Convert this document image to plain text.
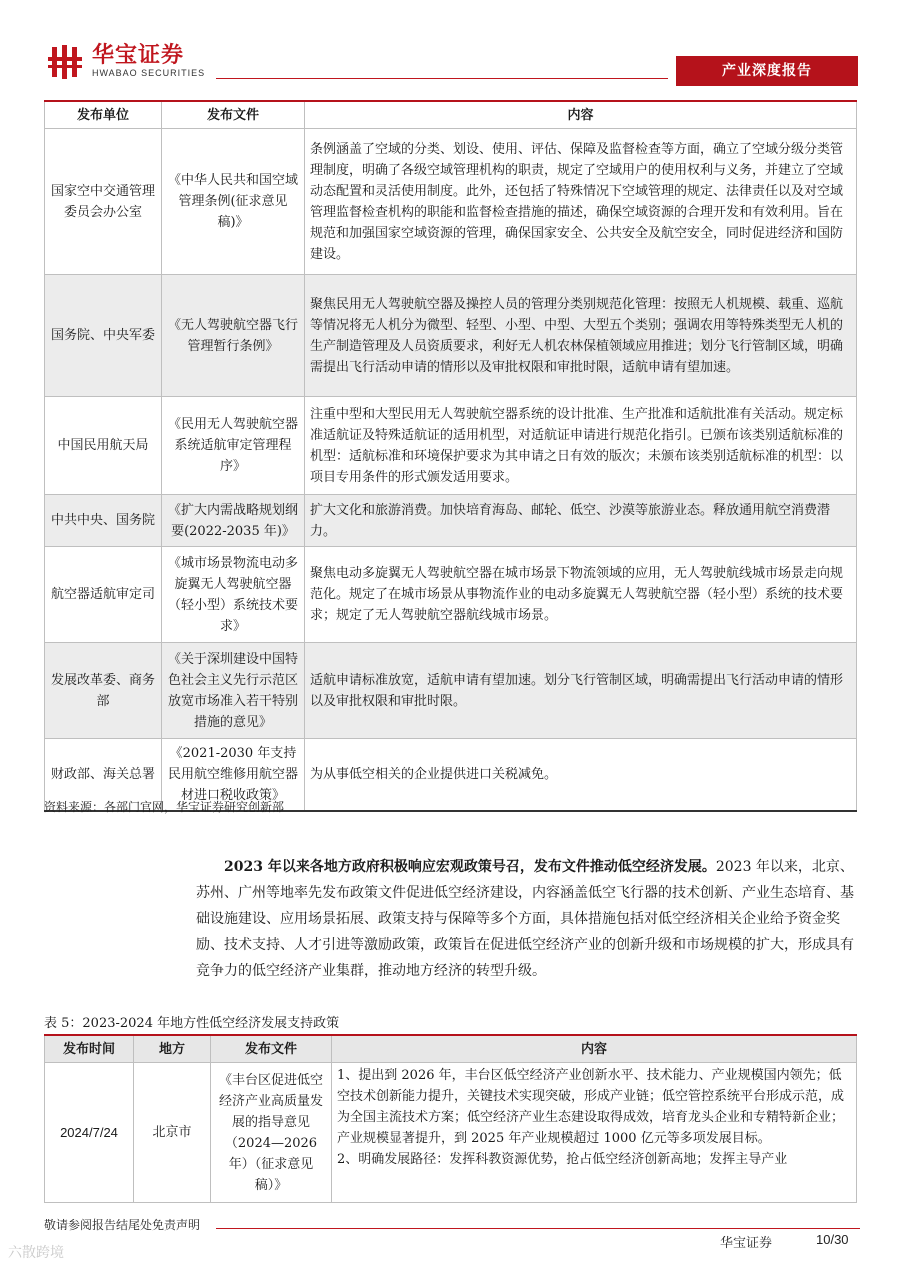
华宝证券
HWABAO SECURITIES	产业深度报告
发布单位	发布文件	内容
国家空中交通管理委员会办公室	《中华人民共和国空域管理条例(征求意见稿)》	条例涵盖了空域的分类、划设、使用、评估、保障及监督检查等方面，确立了空域分级分类管理制度，明确了各级空域管理机构的职责，规定了空域用户的使用权利与义务，并建立了空域动态配置和灵活使用制度。此外，还包括了特殊情况下空域管理的规定、法律责任以及对空域管理监督检查机构的职能和监督检查措施的描述，确保空域资源的合理开发和有效利用。旨在规范和加强国家空域资源的管理，确保国家安全、公共安全及航空安全，同时促进经济和国防建设。
国务院、中央军委	《无人驾驶航空器飞行管理暂行条例》	聚焦民用无人驾驶航空器及操控人员的管理分类别规范化管理：按照无人机规模、载重、巡航等情况将无人机分为微型、轻型、小型、中型、大型五个类别；强调农用等特殊类型无人机的生产制造管理及人员资质要求，利好无人机农林保植领域应用推进；划分飞行管制区域，明确需提出飞行活动申请的情形以及审批权限和审批时限，适航申请有望加速。
中国民用航天局	《民用无人驾驶航空器系统适航审定管理程序》	注重中型和大型民用无人驾驶航空器系统的设计批准、生产批准和适航批准有关活动。规定标准适航证及特殊适航证的适用机型，对适航证申请进行规范化指引。已颁布该类别适航标准的机型：适航标准和环境保护要求为其申请之日有效的版次；未颁布该类别适航标准的机型：以项目专用条件的形式颁发适用要求。
中共中央、国务院	《扩大内需战略规划纲要(2022-2035 年)》	扩大文化和旅游消费。加快培育海岛、邮轮、低空、沙漠等旅游业态。释放通用航空消费潜力。
航空器适航审定司	《城市场景物流电动多旋翼无人驾驶航空器（轻小型）系统技术要求》	聚焦电动多旋翼无人驾驶航空器在城市场景下物流领域的应用，无人驾驶航线城市场景走向规范化。规定了在城市场景从事物流作业的电动多旋翼无人驾驶航空器（轻小型）系统的技术要求；规定了无人驾驶航空器航线城市场景。
发展改革委、商务部	《关于深圳建设中国特色社会主义先行示范区放宽市场准入若干特别措施的意见》	适航申请标准放宽，适航申请有望加速。划分飞行管制区域，明确需提出飞行活动申请的情形以及审批权限和审批时限。
财政部、海关总署	《2021-2030 年支持民用航空维修用航空器材进口税收政策》	为从事低空相关的企业提供进口关税减免。
资料来源：各部门官网，华宝证券研究创新部
2023 年以来各地方政府积极响应宏观政策号召，发布文件推动低空经济发展。2023 年以来，北京、苏州、广州等地率先发布政策文件促进低空经济建设，内容涵盖低空飞行器的技术创新、产业生态培育、基础设施建设、应用场景拓展、政策支持与保障等多个方面，具体措施包括对低空经济相关企业给予资金奖励、技术支持、人才引进等激励政策，政策旨在促进低空经济产业的创新升级和市场规模的扩大，形成具有竞争力的低空经济产业集群，推动地方经济的转型升级。
表 5：2023-2024 年地方性低空经济发展支持政策
发布时间	地方	发布文件	内容
2024/7/24	北京市	《丰台区促进低空经济产业高质量发展的指导意见（2024—2026 年）（征求意见稿）》	1、提出到 2026 年，丰台区低空经济产业创新水平、技术能力、产业规模国内领先；低空技术创新能力提升，关键技术实现突破，形成产业链；低空管控系统平台形成示范，成为全国主流技术方案；低空经济产业生态建设取得成效，培育龙头企业和专精特新企业；产业规模显著提升，到 2025 年产业规模超过 1000 亿元等多项发展目标。
2、明确发展路径：发挥科教资源优势，抢占低空经济创新高地；发挥主导产业
敬请参阅报告结尾处免责声明
华宝证券	10/30
六散跨境
